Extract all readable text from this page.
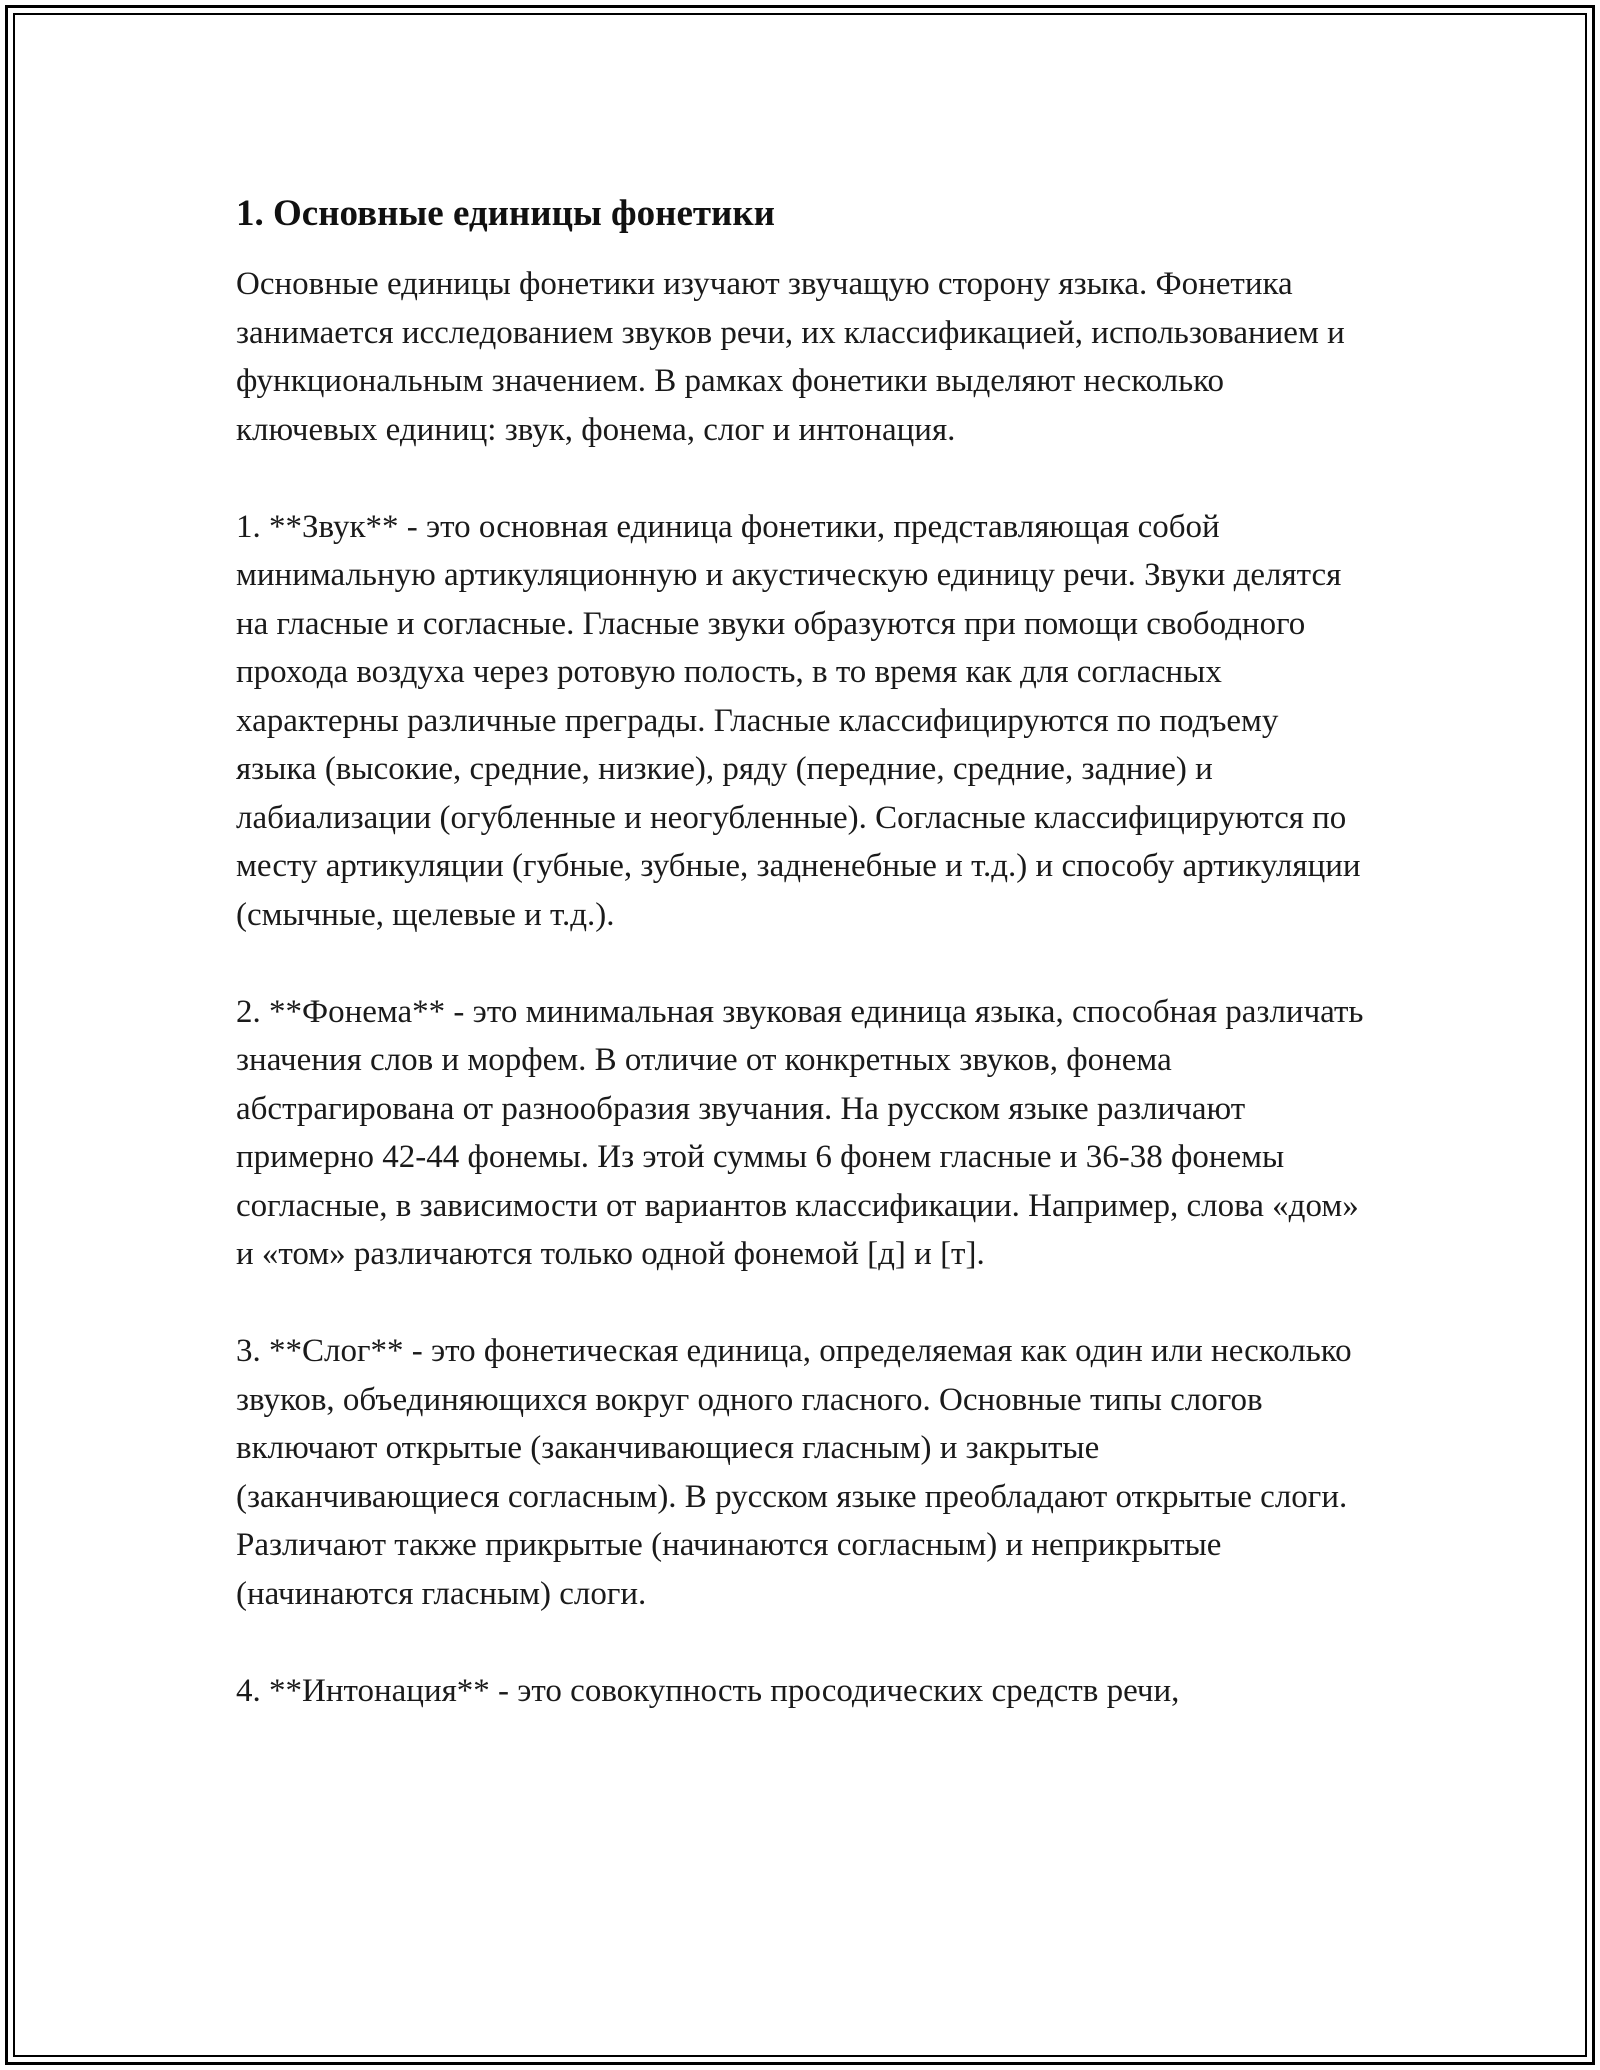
1. Основные единицы фонетики

Основные единицы фонетики изучают звучащую сторону языка. Фонетика занимается исследованием звуков речи, их классификацией, использованием и функциональным значением. В рамках фонетики выделяют несколько ключевых единиц: звук, фонема, слог и интонация.

1. **Звук** - это основная единица фонетики, представляющая собой минимальную артикуляционную и акустическую единицу речи. Звуки делятся на гласные и согласные. Гласные звуки образуются при помощи свободного прохода воздуха через ротовую полость, в то время как для согласных характерны различные преграды. Гласные классифицируются по подъему языка (высокие, средние, низкие), ряду (передние, средние, задние) и лабиализации (огубленные и неогубленные). Согласные классифицируются по месту артикуляции (губные, зубные, задненебные и т.д.) и способу артикуляции (смычные, щелевые и т.д.).

2. **Фонема** - это минимальная звуковая единица языка, способная различать значения слов и морфем. В отличие от конкретных звуков, фонема абстрагирована от разнообразия звучания. На русском языке различают примерно 42-44 фонемы. Из этой суммы 6 фонем гласные и 36-38 фонемы согласные, в зависимости от вариантов классификации. Например, слова «дом» и «том» различаются только одной фонемой [д] и [т].

3. **Слог** - это фонетическая единица, определяемая как один или несколько звуков, объединяющихся вокруг одного гласного. Основные типы слогов включают открытые (заканчивающиеся гласным) и закрытые (заканчивающиеся согласным). В русском языке преобладают открытые слоги. Различают также прикрытые (начинаются согласным) и неприкрытые (начинаются гласным) слоги.

4. **Интонация** - это совокупность просодических средств речи,
